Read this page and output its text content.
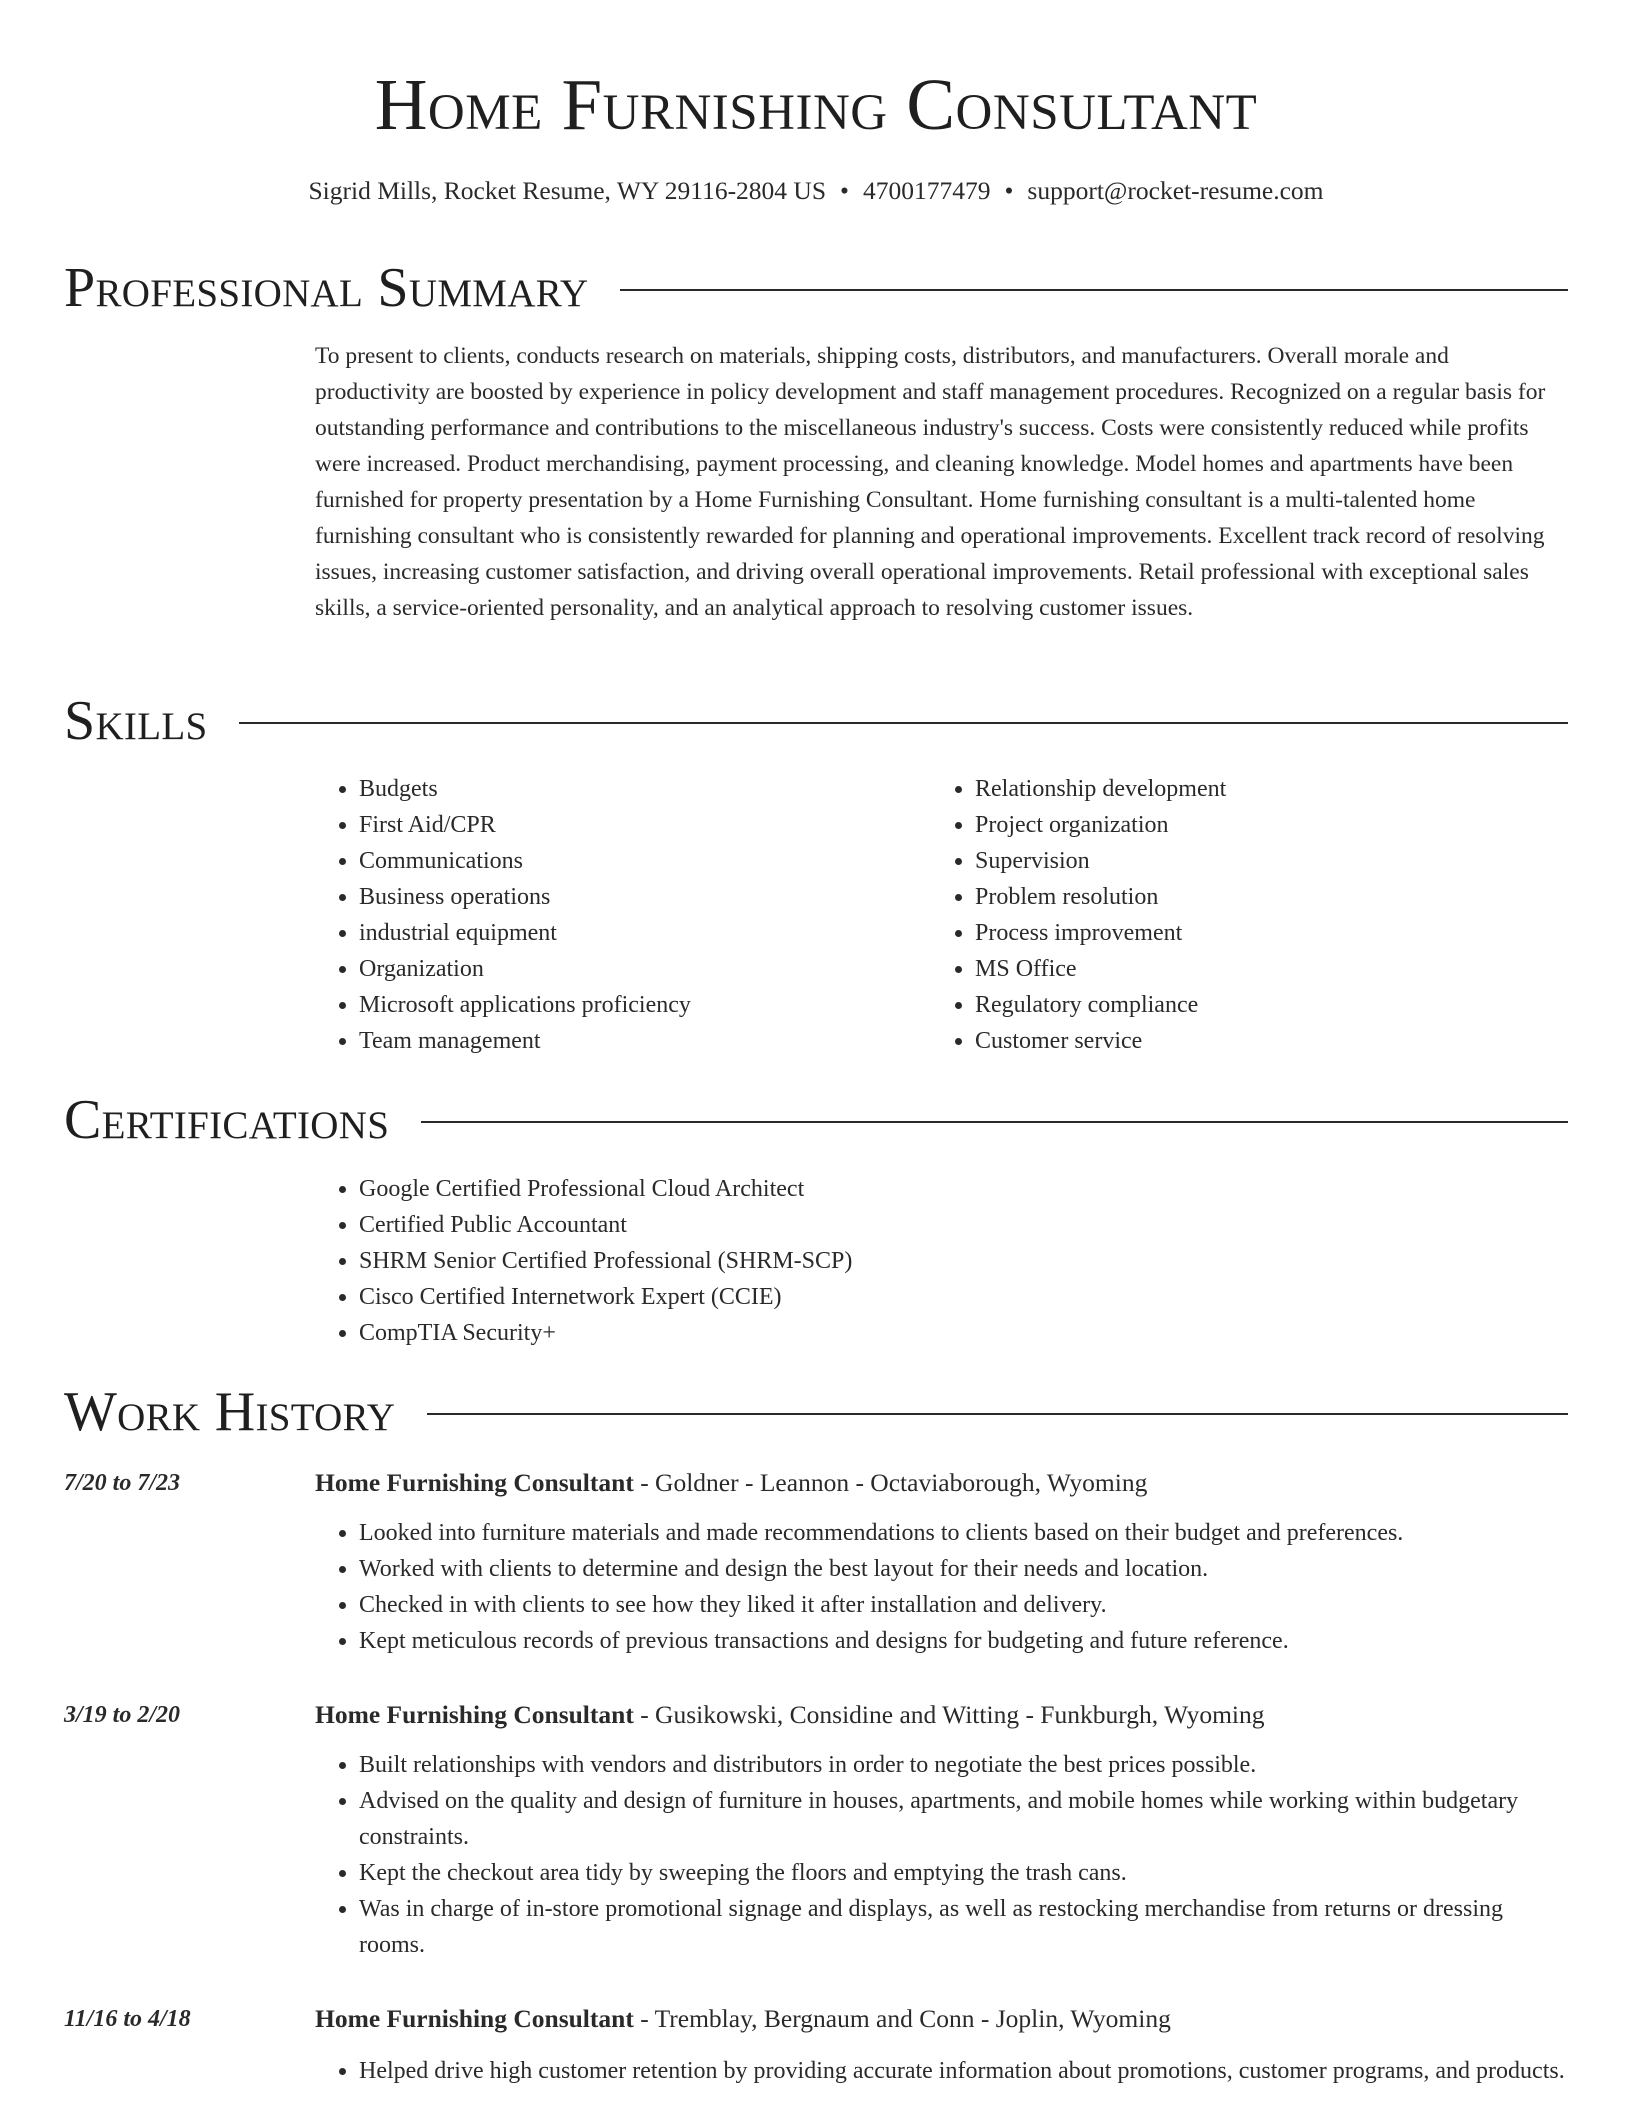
Home Furnishing Consultant
Sigrid Mills, Rocket Resume, WY 29116-2804 US • 4700177479 • support@rocket-resume.com
Professional Summary

To present to clients, conducts research on materials, shipping costs, distributors, and manufacturers. Overall morale and productivity are boosted by experience in policy development and staff management procedures. Recognized on a regular basis for outstanding performance and contributions to the miscellaneous industry's success. Costs were consistently reduced while profits were increased. Product merchandising, payment processing, and cleaning knowledge. Model homes and apartments have been furnished for property presentation by a Home Furnishing Consultant. Home furnishing consultant is a multi-talented home furnishing consultant who is consistently rewarded for planning and operational improvements. Excellent track record of resolving issues, increasing customer satisfaction, and driving overall operational improvements. Retail professional with exceptional sales skills, a service-oriented personality, and an analytical approach to resolving customer issues.

Skills
• Budgets
• First Aid/CPR
• Communications
• Business operations
• industrial equipment
• Organization
• Microsoft applications proficiency
• Team management
• Relationship development
• Project organization
• Supervision
• Problem resolution
• Process improvement
• MS Office
• Regulatory compliance
• Customer service
Certifications
• Google Certified Professional Cloud Architect
• Certified Public Accountant
• SHRM Senior Certified Professional (SHRM-SCP)
• Cisco Certified Internetwork Expert (CCIE)
• CompTIA Security+
Work History
7/20 to 7/23	Home Furnishing Consultant - Goldner - Leannon - Octaviaborough, Wyoming
• Looked into furniture materials and made recommendations to clients based on their budget and preferences.
• Worked with clients to determine and design the best layout for their needs and location.
• Checked in with clients to see how they liked it after installation and delivery.
• Kept meticulous records of previous transactions and designs for budgeting and future reference.
3/19 to 2/20	Home Furnishing Consultant - Gusikowski, Considine and Witting - Funkburgh, Wyoming
• Built relationships with vendors and distributors in order to negotiate the best prices possible.
• Advised on the quality and design of furniture in houses, apartments, and mobile homes while working within budgetary constraints.
• Kept the checkout area tidy by sweeping the floors and emptying the trash cans.
• Was in charge of in-store promotional signage and displays, as well as restocking merchandise from returns or dressing rooms.
11/16 to 4/18	Home Furnishing Consultant - Tremblay, Bergnaum and Conn - Joplin, Wyoming
• Helped drive high customer retention by providing accurate information about promotions, customer programs, and products.
